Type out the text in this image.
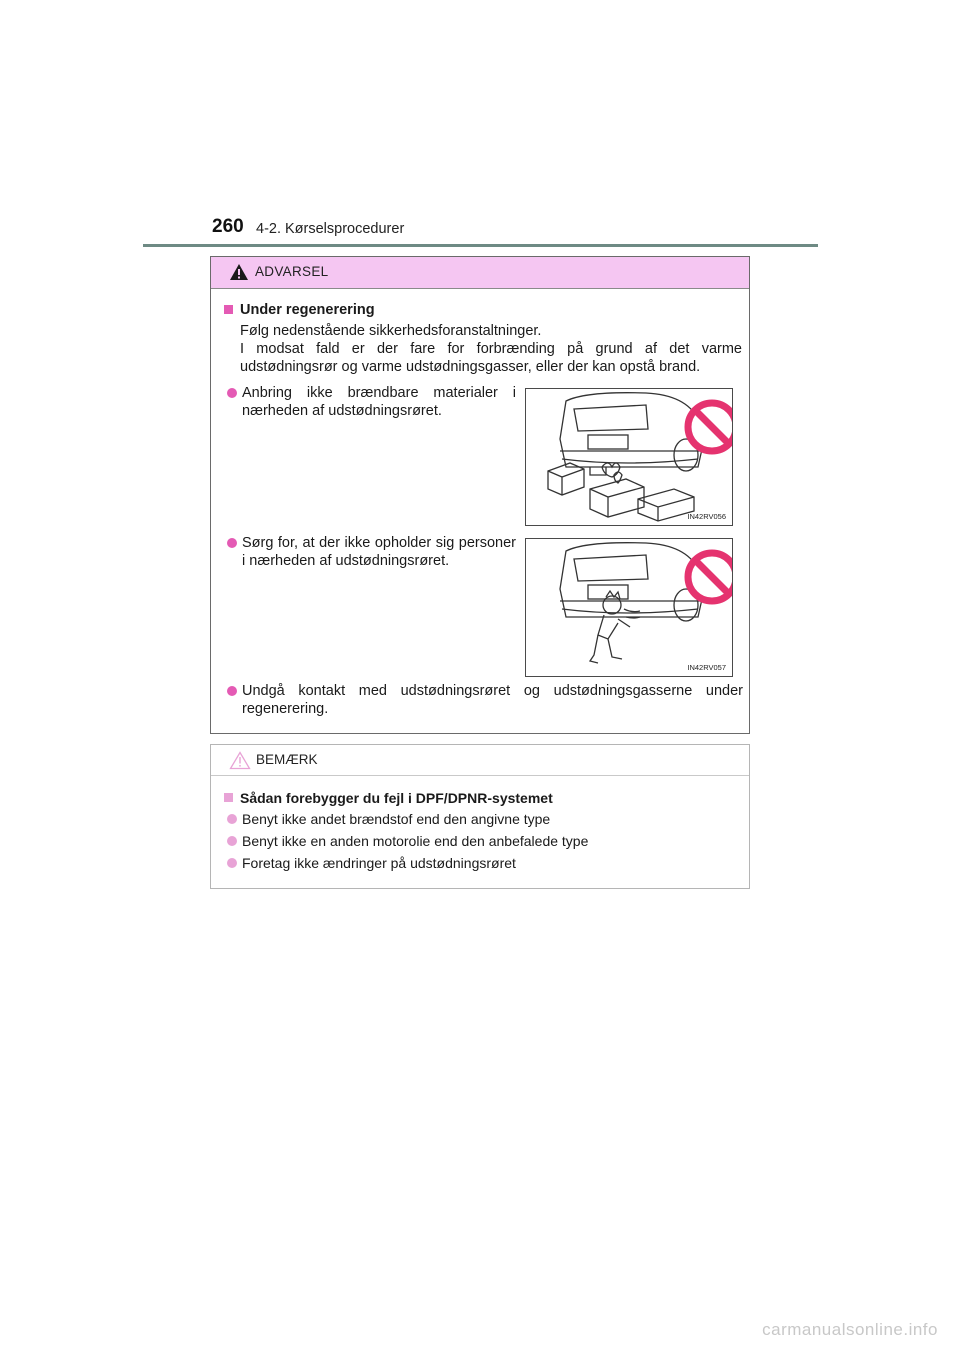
260 4-2. Kørselsprocedurer
ADVARSEL
Under regenerering
Følg nedenstående sikkerhedsforanstaltninger.
I modsat fald er der fare for forbrænding på grund af det varme udstødningsrør og varme udstødningsgasser, eller der kan opstå brand.
Anbring ikke brændbare materialer i nærheden af udstødningsrøret.
IN42RV056
Sørg for, at der ikke opholder sig personer i nærheden af udstødningsrøret.
IN42RV057
Undgå kontakt med udstødningsrøret og udstødningsgasserne under regenerering.
BEMÆRK
Sådan forebygger du fejl i DPF/DPNR-systemet
Benyt ikke andet brændstof end den angivne type
Benyt ikke en anden motorolie end den anbefalede type
Foretag ikke ændringer på udstødningsrøret
carmanualsonline.info
